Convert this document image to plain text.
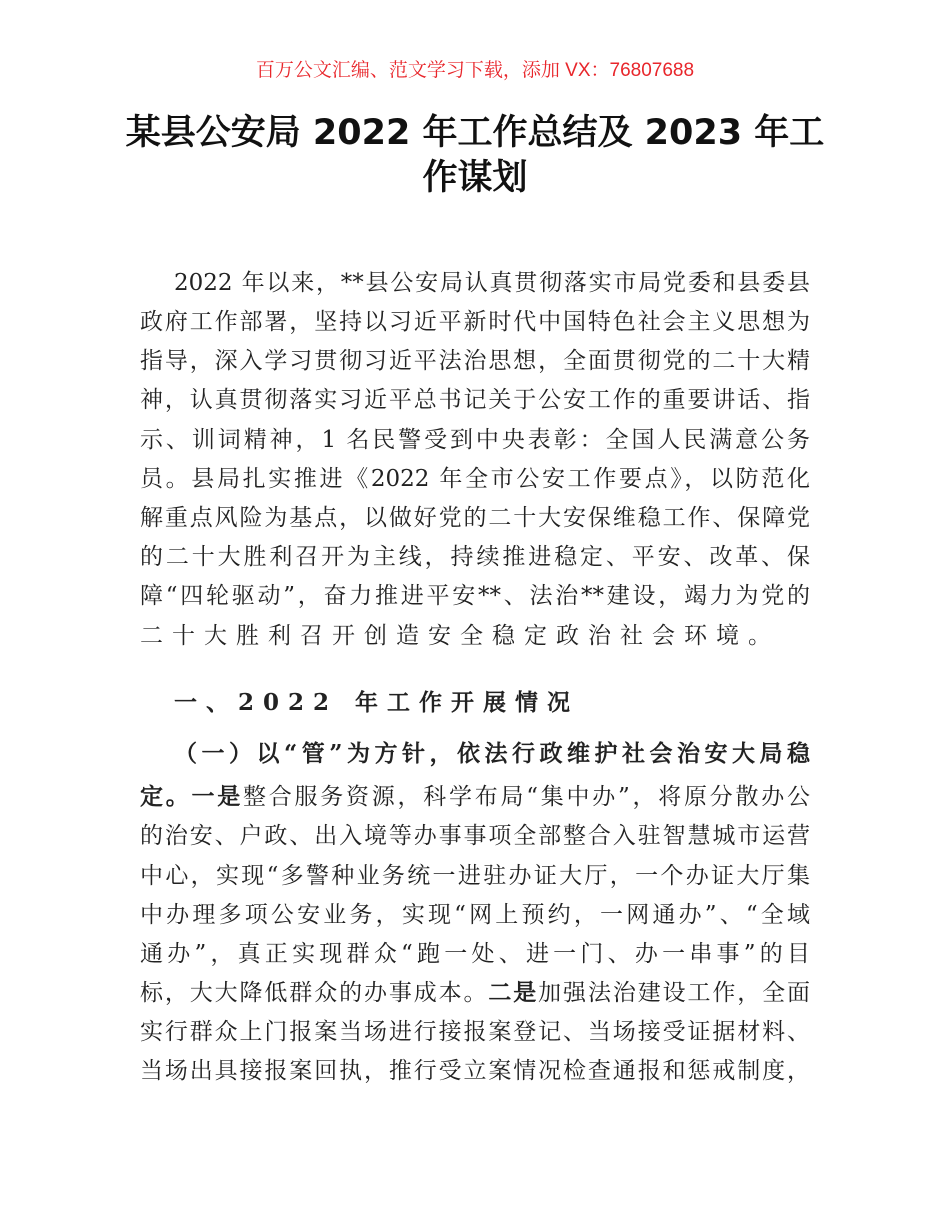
百万公文汇编、范文学习下载，添加 VX：76807688
某县公安局 2022 年工作总结及 2023 年工
作谋划
2022 年以来，**县公安局认真贯彻落实市局党委和县委县
政府工作部署，坚持以习近平新时代中国特色社会主义思想为
指导，深入学习贯彻习近平法治思想，全面贯彻党的二十大精
神，认真贯彻落实习近平总书记关于公安工作的重要讲话、指
示、训词精神，1 名民警受到中央表彰：全国人民满意公务
员。县局扎实推进《2022 年全市公安工作要点》，以防范化
解重点风险为基点，以做好党的二十大安保维稳工作、保障党
的二十大胜利召开为主线，持续推进稳定、平安、改革、保
障“四轮驱动”，奋力推进平安**、法治**建设，竭力为党的
二十大胜利召开创造安全稳定政治社会环境。
一、2022 年工作开展情况
（一）以“管”为方针，依法行政维护社会治安大局稳
定。一是整合服务资源，科学布局“集中办”，将原分散办公
的治安、户政、出入境等办事事项全部整合入驻智慧城市运营
中心，实现“多警种业务统一进驻办证大厅，一个办证大厅集
中办理多项公安业务，实现“网上预约，一网通办”、“全域
通办”，真正实现群众“跑一处、进一门、办一串事”的目
标，大大降低群众的办事成本。二是加强法治建设工作，全面
实行群众上门报案当场进行接报案登记、当场接受证据材料、
当场出具接报案回执，推行受立案情况检查通报和惩戒制度，
